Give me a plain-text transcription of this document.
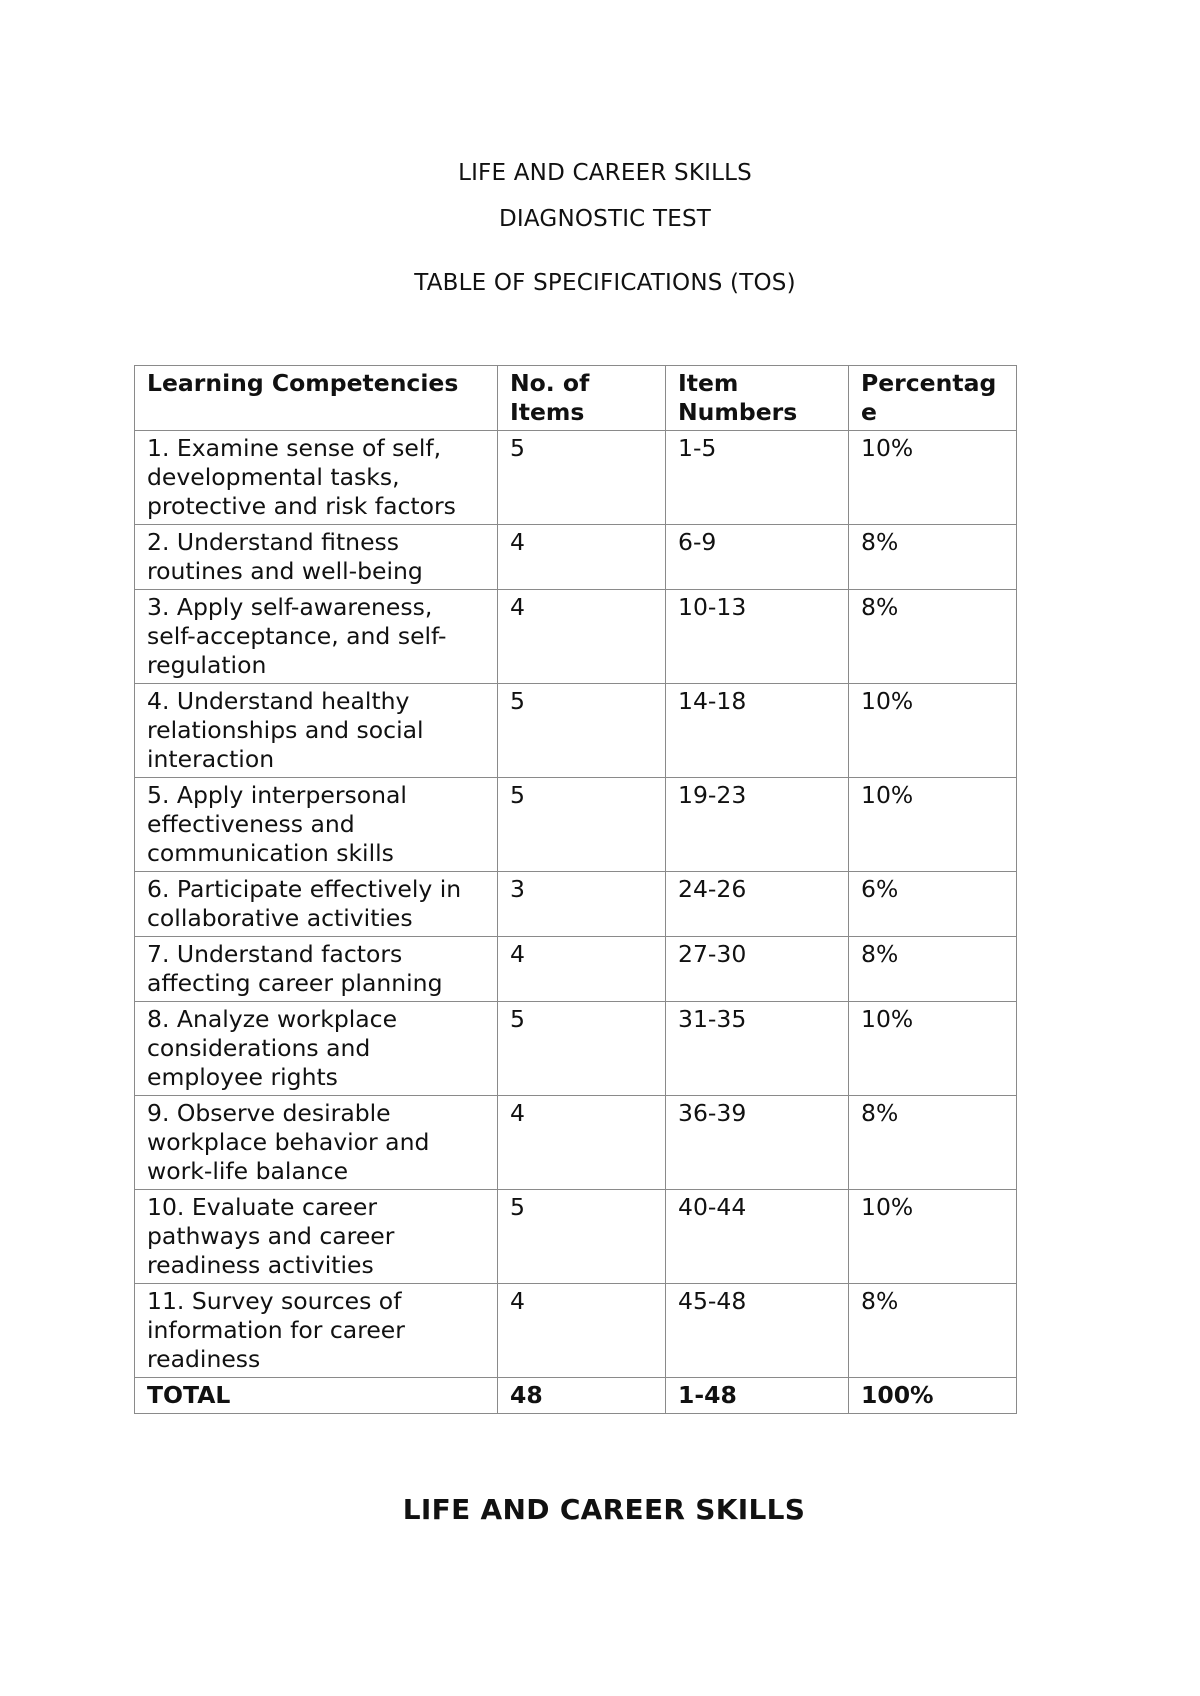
LIFE AND CAREER SKILLS
DIAGNOSTIC TEST
TABLE OF SPECIFICATIONS (TOS)
Learning Competencies	No. of Items	Item Numbers	Percentage
1. Examine sense of self, developmental tasks, protective and risk factors	5	1-5	10%
2. Understand fitness routines and well-being	4	6-9	8%
3. Apply self-awareness, self-acceptance, and self-regulation	4	10-13	8%
4. Understand healthy relationships and social interaction	5	14-18	10%
5. Apply interpersonal effectiveness and communication skills	5	19-23	10%
6. Participate effectively in collaborative activities	3	24-26	6%
7. Understand factors affecting career planning	4	27-30	8%
8. Analyze workplace considerations and employee rights	5	31-35	10%
9. Observe desirable workplace behavior and work-life balance	4	36-39	8%
10. Evaluate career pathways and career readiness activities	5	40-44	10%
11. Survey sources of information for career readiness	4	45-48	8%
TOTAL	48	1-48	100%
LIFE AND CAREER SKILLS
